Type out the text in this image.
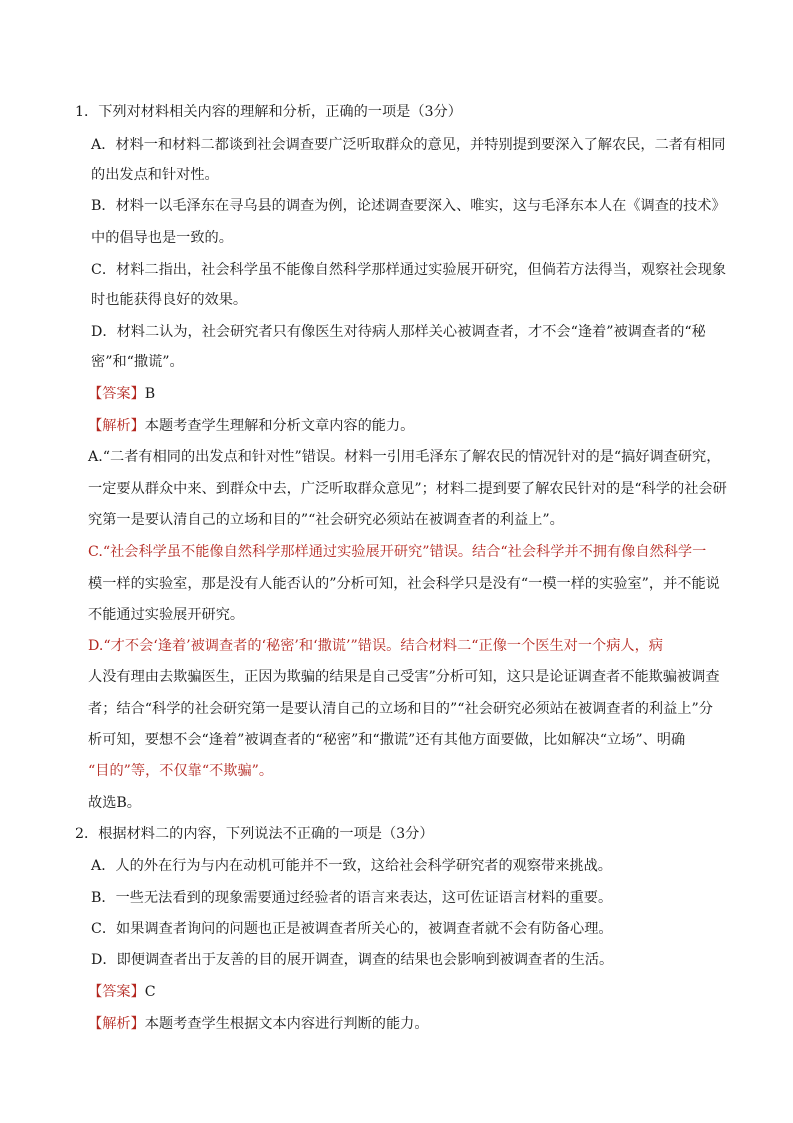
1．下列对材料相关内容的理解和分析，正确的一项是（3分）
A．材料一和材料二都谈到社会调查要广泛听取群众的意见，并特别提到要深入了解农民，二者有相同
的出发点和针对性。
B．材料一以毛泽东在寻乌县的调查为例，论述调查要深入、唯实，这与毛泽东本人在《调查的技术》
中的倡导也是一致的。
C．材料二指出，社会科学虽不能像自然科学那样通过实验展开研究，但倘若方法得当，观察社会现象
时也能获得良好的效果。
D．材料二认为，社会研究者只有像医生对待病人那样关心被调查者，才不会“逢着”被调查者的“秘
密”和“撒谎”。
【答案】B
【解析】本题考查学生理解和分析文章内容的能力。
A.“二者有相同的出发点和针对性”错误。材料一引用毛泽东了解农民的情况针对的是“搞好调查研究，
一定要从群众中来、到群众中去，广泛听取群众意见”；材料二提到要了解农民针对的是“科学的社会研
究第一是要认清自己的立场和目的”“社会研究必须站在被调查者的利益上”。
C.“社会科学虽不能像自然科学那样通过实验展开研究”错误。结合“社会科学并不拥有像自然科学一
模一样的实验室，那是没有人能否认的”分析可知，社会科学只是没有“一模一样的实验室”，并不能说
不能通过实验展开研究。
D.“才不会‘逢着’被调查者的‘秘密’和‘撒谎’”错误。结合材料二“正像一个医生对一个病人，病
人没有理由去欺骗医生，正因为欺骗的结果是自己受害”分析可知，这只是论证调查者不能欺骗被调查
者；结合“科学的社会研究第一是要认清自己的立场和目的”“社会研究必须站在被调查者的利益上”分
析可知，要想不会“逢着”被调查者的“秘密”和“撒谎”还有其他方面要做，比如解决“立场”、明确
“目的”等，不仅靠“不欺骗”。
故选B。
2．根据材料二的内容，下列说法不正确的一项是（3分）
A．人的外在行为与内在动机可能并不一致，这给社会科学研究者的观察带来挑战。
B．一些无法看到的现象需要通过经验者的语言来表达，这可佐证语言材料的重要。
C．如果调查者询问的问题也正是被调查者所关心的，被调查者就不会有防备心理。
D．即便调查者出于友善的目的展开调查，调查的结果也会影响到被调查者的生活。
【答案】C
【解析】本题考查学生根据文本内容进行判断的能力。
